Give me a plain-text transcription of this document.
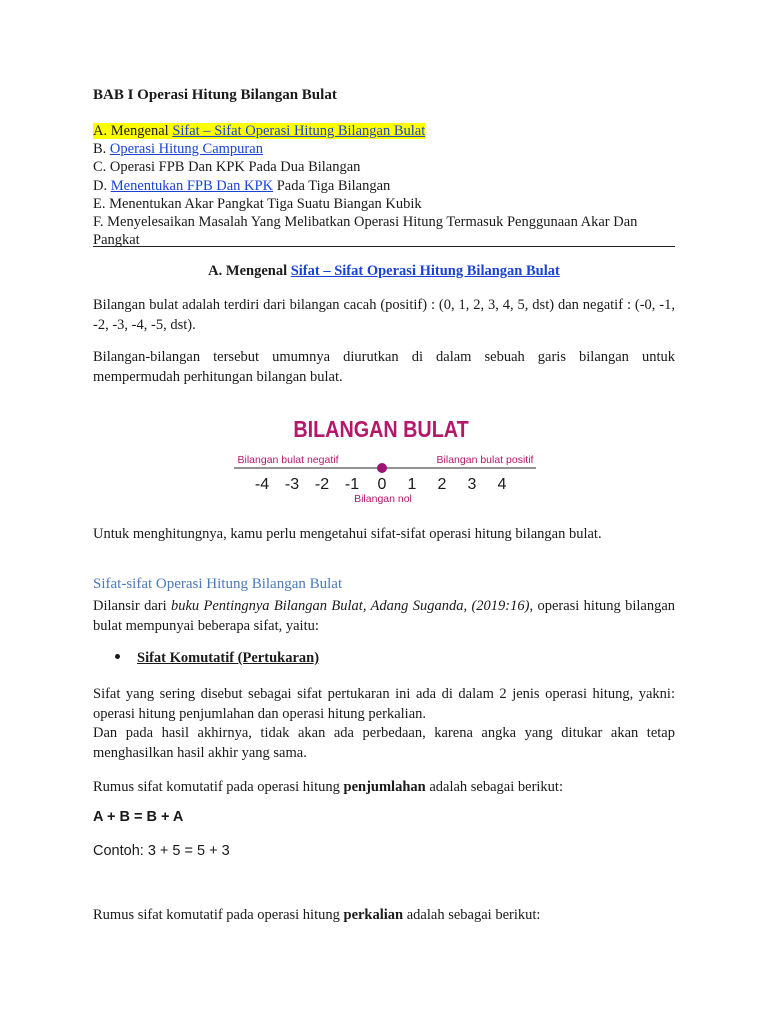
BAB I Operasi Hitung Bilangan Bulat
A. Mengenal Sifat – Sifat Operasi Hitung Bilangan Bulat
B. Operasi Hitung Campuran
C. Operasi FPB Dan KPK Pada Dua Bilangan
D. Menentukan FPB Dan KPK Pada Tiga Bilangan
E. Menentukan Akar Pangkat Tiga Suatu Biangan Kubik
F. Menyelesaikan Masalah Yang Melibatkan Operasi Hitung Termasuk Penggunaan Akar Dan Pangkat
A. Mengenal Sifat – Sifat Operasi Hitung Bilangan Bulat
Bilangan bulat adalah terdiri dari bilangan cacah (positif) : (0, 1, 2, 3, 4, 5, dst) dan negatif : (-0, -1, -2, -3, -4, -5, dst).
Bilangan-bilangan tersebut umumnya diurutkan di dalam sebuah garis bilangan untuk mempermudah perhitungan bilangan bulat.
BILANGAN BULAT
Bilangan bulat negatif	Bilangan bulat positif
-4 -3 -2 -1 0 1 2 3 4
Bilangan nol
Untuk menghitungnya, kamu perlu mengetahui sifat-sifat operasi hitung bilangan bulat.
Sifat-sifat Operasi Hitung Bilangan Bulat
Dilansir dari buku Pentingnya Bilangan Bulat, Adang Suganda, (2019:16), operasi hitung bilangan bulat mempunyai beberapa sifat, yaitu:
Sifat Komutatif (Pertukaran)
Sifat yang sering disebut sebagai sifat pertukaran ini ada di dalam 2 jenis operasi hitung, yakni: operasi hitung penjumlahan dan operasi hitung perkalian.
Dan pada hasil akhirnya, tidak akan ada perbedaan, karena angka yang ditukar akan tetap menghasilkan hasil akhir yang sama.
Rumus sifat komutatif pada operasi hitung penjumlahan adalah sebagai berikut:
A + B = B + A
Contoh: 3 + 5 = 5 + 3
Rumus sifat komutatif pada operasi hitung perkalian adalah sebagai berikut:
